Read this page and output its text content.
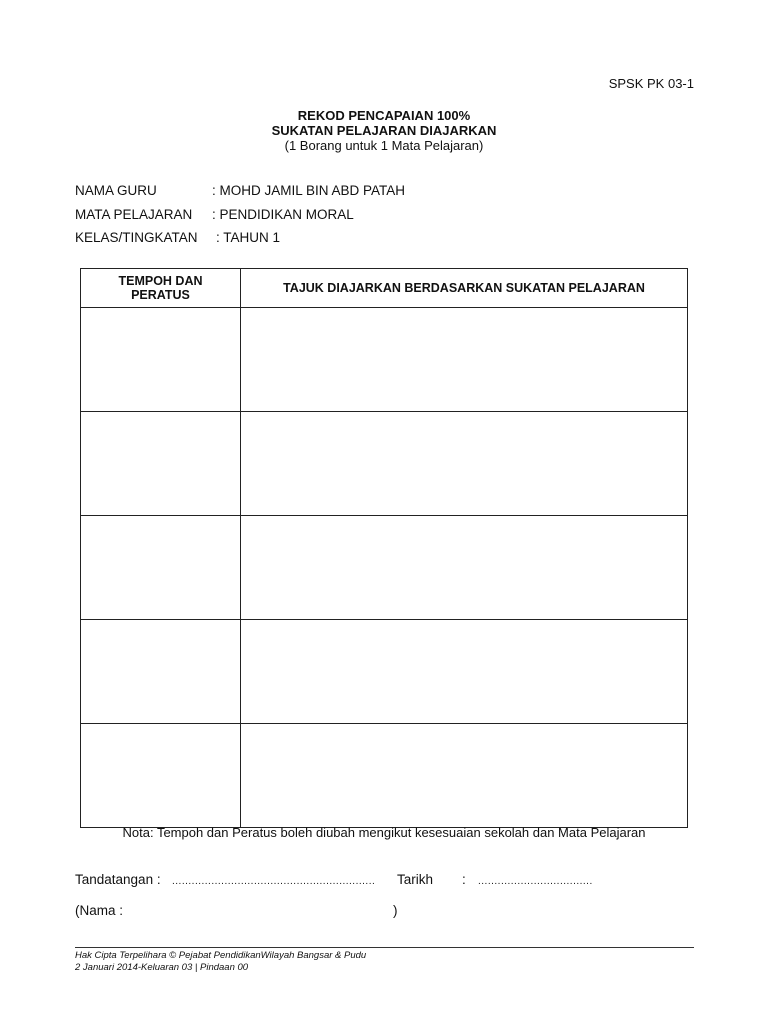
SPSK PK 03-1
REKOD PENCAPAIAN 100%
SUKATAN PELAJARAN DIAJARKAN
(1 Borang untuk 1 Mata Pelajaran)
NAMA GURU	: MOHD JAMIL BIN ABD PATAH
MATA PELAJARAN : PENDIDIKAN MORAL
KELAS/TINGKATAN : TAHUN 1
TEMPOH DAN
PERATUS	TAJUK DIAJARKAN BERDASARKAN SUKATAN PELAJARAN

Nota: Tempoh dan Peratus boleh diubah mengikut kesesuaian sekolah dan Mata Pelajaran
Tandatangan : .............................................................. Tarikh : ...................................
(Nama :	)
Hak Cipta Terpelihara © Pejabat PendidikanWilayah Bangsar & Pudu
2 Januari 2014-Keluaran 03 | Pindaan 00
